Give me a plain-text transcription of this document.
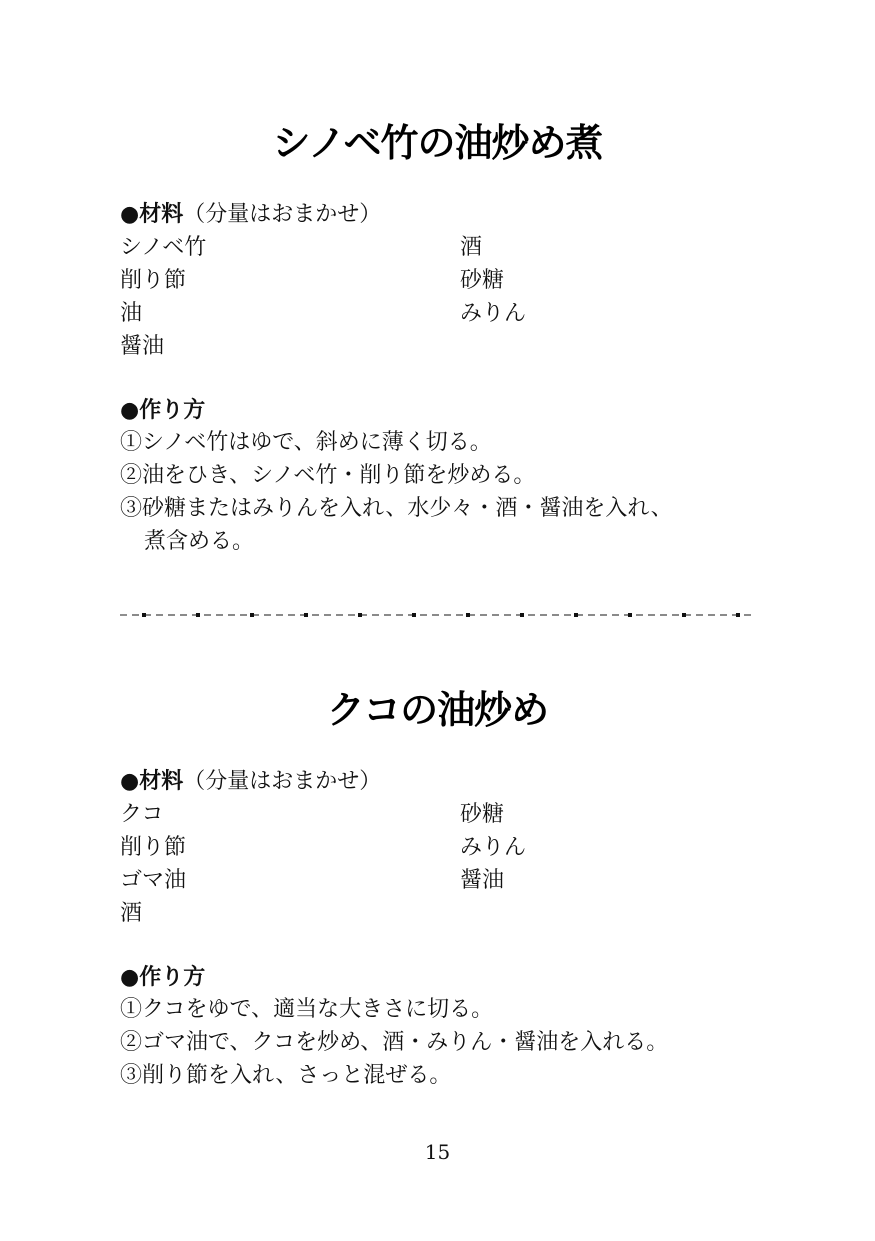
シノベ竹の油炒め煮
●材料（分量はおまかせ）
シノベ竹	酒
削り節	砂糖
油	みりん
醤油
●作り方
①シノベ竹はゆで、斜めに薄く切る。
②油をひき、シノベ竹・削り節を炒める。
③砂糖またはみりんを入れ、水少々・酒・醤油を入れ、
煮含める。
クコの油炒め
●材料（分量はおまかせ）
クコ	砂糖
削り節	みりん
ゴマ油	醤油
酒
●作り方
①クコをゆで、適当な大きさに切る。
②ゴマ油で、クコを炒め、酒・みりん・醤油を入れる。
③削り節を入れ、さっと混ぜる。
15
